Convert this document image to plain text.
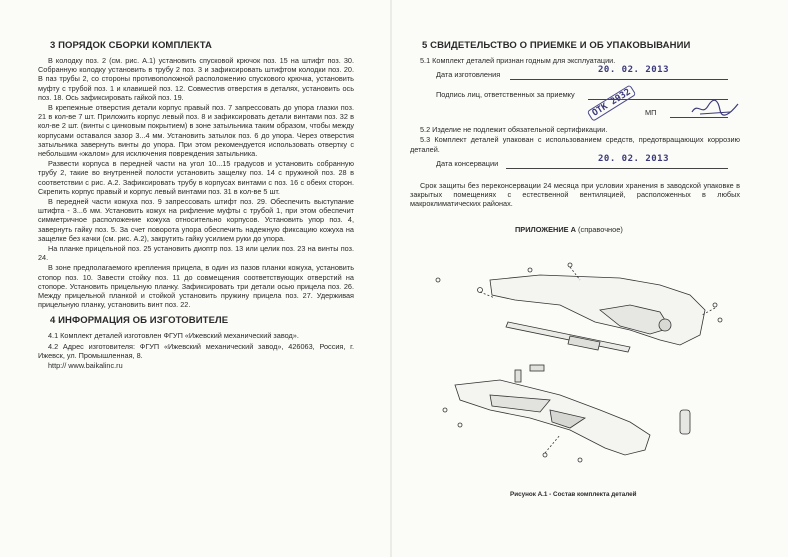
3 ПОРЯДОК СБОРКИ КОМПЛЕКТА

В колодку поз. 2 (см. рис. А.1) установить спусковой крючок поз. 15 на штифт поз. 30. Собранную колодку установить в трубу 2 поз. 3 и зафиксировать штифтом колодки поз. 20. В паз трубы 2, со стороны противоположной расположению спускового крючка, установить муфту с трубой поз. 1 и клавишей поз. 12. Совместив отверстия в деталях, установить ось поз. 18. Ось зафиксировать гайкой поз. 19.

В крепежные отверстия детали корпус правый поз. 7 запрессовать до упора глазки поз. 21 в кол-ве 7 шт. Приложить корпус левый поз. 8 и зафиксировать детали винтами поз. 32 в кол-ве 2 шт. (винты с цинковым покрытием) в зоне затыльника таким образом, чтобы между корпусами оставался зазор 3...4 мм. Установить затылок поз. 6 до упора. Через отверстия затыльника завернуть винты до упора. При этом рекомендуется использовать отвертку с небольшим «жалом» для исключения повреждения затыльника.

Развести корпуса в передней части на угол 10...15 градусов и установить собранную трубу 2, такие во внутренней полости установить защелку поз. 14 с пружиной поз. 28 в соответствии с рис. А.2. Зафиксировать трубу в корпусах винтами с поз. 16 с обеих сторон. Скрепить корпус правый и корпус левый винтами поз. 31 в кол-ве 5 шт.

В передней части кожуха поз. 9 запрессовать штифт поз. 29. Обеспечить выступание штифта - 3...6 мм. Установить кожух на рифление муфты с трубой 1, при этом обеспечит симметричное расположение кожуха относительно корпусов. Установить упор поз. 4, завернуть гайку поз. 5. За счет поворота упора обеспечить надежную фиксацию кожуха на защелке без качки (см. рис. А.2), закрутить гайку усилием руки до упора.

На планке прицельной поз. 25 установить диоптр поз. 13 или целик поз. 23 на винты поз. 24.

В зоне предполагаемого крепления прицела, в один из пазов планки кожуха, установить стопор поз. 10. Завести стойку поз. 11 до совмещения соответствующих отверстий на стопоре. Установить прицельную планку. Зафиксировать три детали осью прицела поз. 26. Между прицельной планкой и стойкой установить пружину прицела поз. 27. Удерживая прицельную планку, установить винт поз. 22.

4 ИНФОРМАЦИЯ ОБ ИЗГОТОВИТЕЛЕ

4.1 Комплект деталей изготовлен ФГУП «Ижевский механический завод».

4.2 Адрес изготовителя: ФГУП «Ижевский механический завод», 426063, Россия, г. Ижевск, ул. Промышленная, 8.

http:// www.baikalinc.ru

5 СВИДЕТЕЛЬСТВО О ПРИЕМКЕ И ОБ УПАКОВЫВАНИИ

5.1 Комплект деталей признан годным для эксплуатации.

Дата изготовления
Подпись лиц, ответственных за приемку
МП

5.2 Изделие не подлежит обязательной сертификации.

5.3 Комплект деталей упакован с использованием средств, предотвращающих коррозию деталей.

Дата консервации

Срок защиты без переконсервации 24 месяца при условии хранения в заводской упаковке в закрытых помещениях с естественной вентиляцией, расположенных в любых макроклиматических районах.

20. 02. 2013
20. 02. 2013
ОТК 2932
ПРИЛОЖЕНИЕ А (справочное)
Рисунок А.1 - Состав комплекта деталей
